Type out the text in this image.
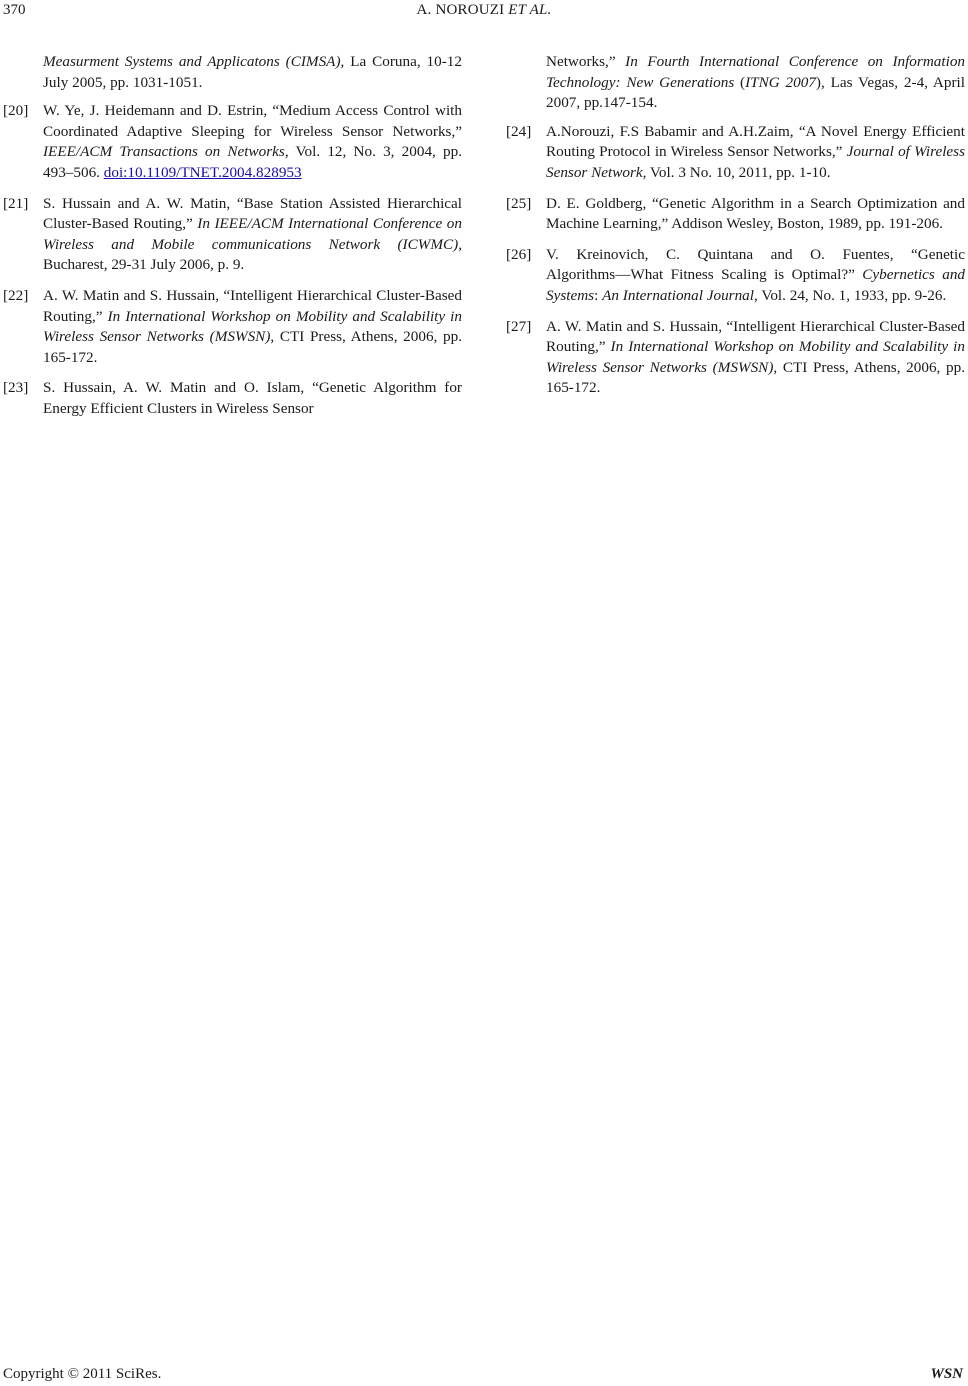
370	A. NOROUZI ET AL.
Measurment Systems and Applicatons (CIMSA), La Coruna, 10-12 July 2005, pp. 1031-1051.
[20] W. Ye, J. Heidemann and D. Estrin, “Medium Access Control with Coordinated Adaptive Sleeping for Wireless Sensor Networks,” IEEE/ACM Transactions on Networks, Vol. 12, No. 3, 2004, pp. 493–506. doi:10.1109/TNET.2004.828953
[21] S. Hussain and A. W. Matin, “Base Station Assisted Hierarchical Cluster-Based Routing,” In IEEE/ACM International Conference on Wireless and Mobile communications Network (ICWMC), Bucharest, 29-31 July 2006, p. 9.
[22] A. W. Matin and S. Hussain, “Intelligent Hierarchical Cluster-Based Routing,” In International Workshop on Mobility and Scalability in Wireless Sensor Networks (MSWSN), CTI Press, Athens, 2006, pp. 165-172.
[23] S. Hussain, A. W. Matin and O. Islam, “Genetic Algorithm for Energy Efficient Clusters in Wireless Sensor
Networks,” In Fourth International Conference on Information Technology: New Generations (ITNG 2007), Las Vegas, 2-4, April 2007, pp.147-154.
[24] A.Norouzi, F.S Babamir and A.H.Zaim, “A Novel Energy Efficient Routing Protocol in Wireless Sensor Networks,” Journal of Wireless Sensor Network, Vol. 3 No. 10, 2011, pp. 1-10.
[25] D. E. Goldberg, “Genetic Algorithm in a Search Optimization and Machine Learning,” Addison Wesley, Boston, 1989, pp. 191-206.
[26] V. Kreinovich, C. Quintana and O. Fuentes, “Genetic Algorithms―What Fitness Scaling is Optimal?” Cybernetics and Systems: An International Journal, Vol. 24, No. 1, 1933, pp. 9-26.
[27] A. W. Matin and S. Hussain, “Intelligent Hierarchical Cluster-Based Routing,” In International Workshop on Mobility and Scalability in Wireless Sensor Networks (MSWSN), CTI Press, Athens, 2006, pp. 165-172.
Copyright © 2011 SciRes.	WSN
